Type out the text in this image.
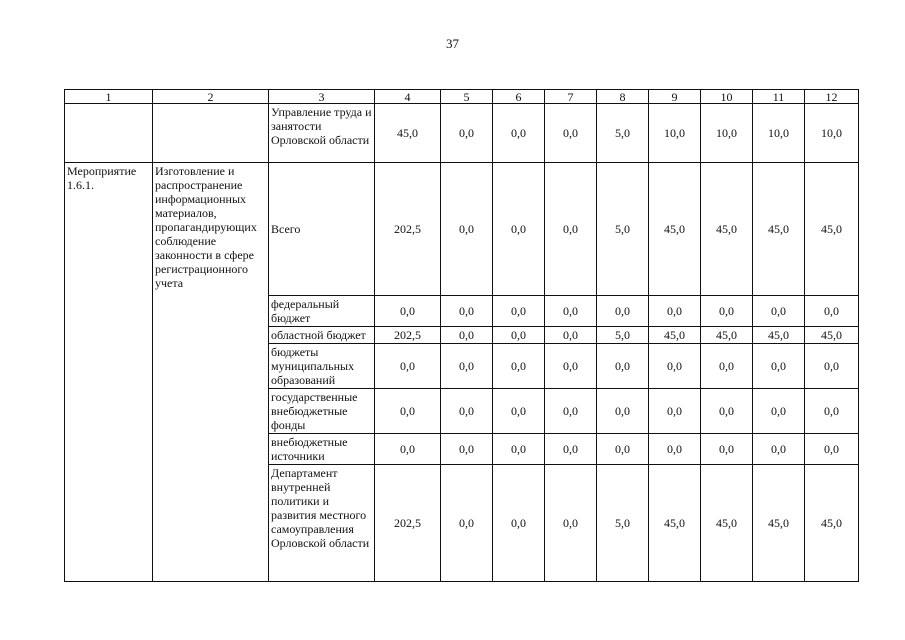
37
1	2	3	4	5	6	7	8	9	10	11	12
		Управление труда и занятости Орловской области	45,0	0,0	0,0	0,0	5,0	10,0	10,0	10,0	10,0
Мероприятие 1.6.1.	Изготовление и распространение информационных материалов, пропагандирующих соблюдение законности в сфере регистрационного учета	Всего	202,5	0,0	0,0	0,0	5,0	45,0	45,0	45,0	45,0
		федеральный бюджет	0,0	0,0	0,0	0,0	0,0	0,0	0,0	0,0	0,0
		областной бюджет	202,5	0,0	0,0	0,0	5,0	45,0	45,0	45,0	45,0
		бюджеты муниципальных образований	0,0	0,0	0,0	0,0	0,0	0,0	0,0	0,0	0,0
		государственные внебюджетные фонды	0,0	0,0	0,0	0,0	0,0	0,0	0,0	0,0	0,0
		внебюджетные источники	0,0	0,0	0,0	0,0	0,0	0,0	0,0	0,0	0,0
		Департамент внутренней политики и развития местного самоуправления Орловской области	202,5	0,0	0,0	0,0	5,0	45,0	45,0	45,0	45,0
